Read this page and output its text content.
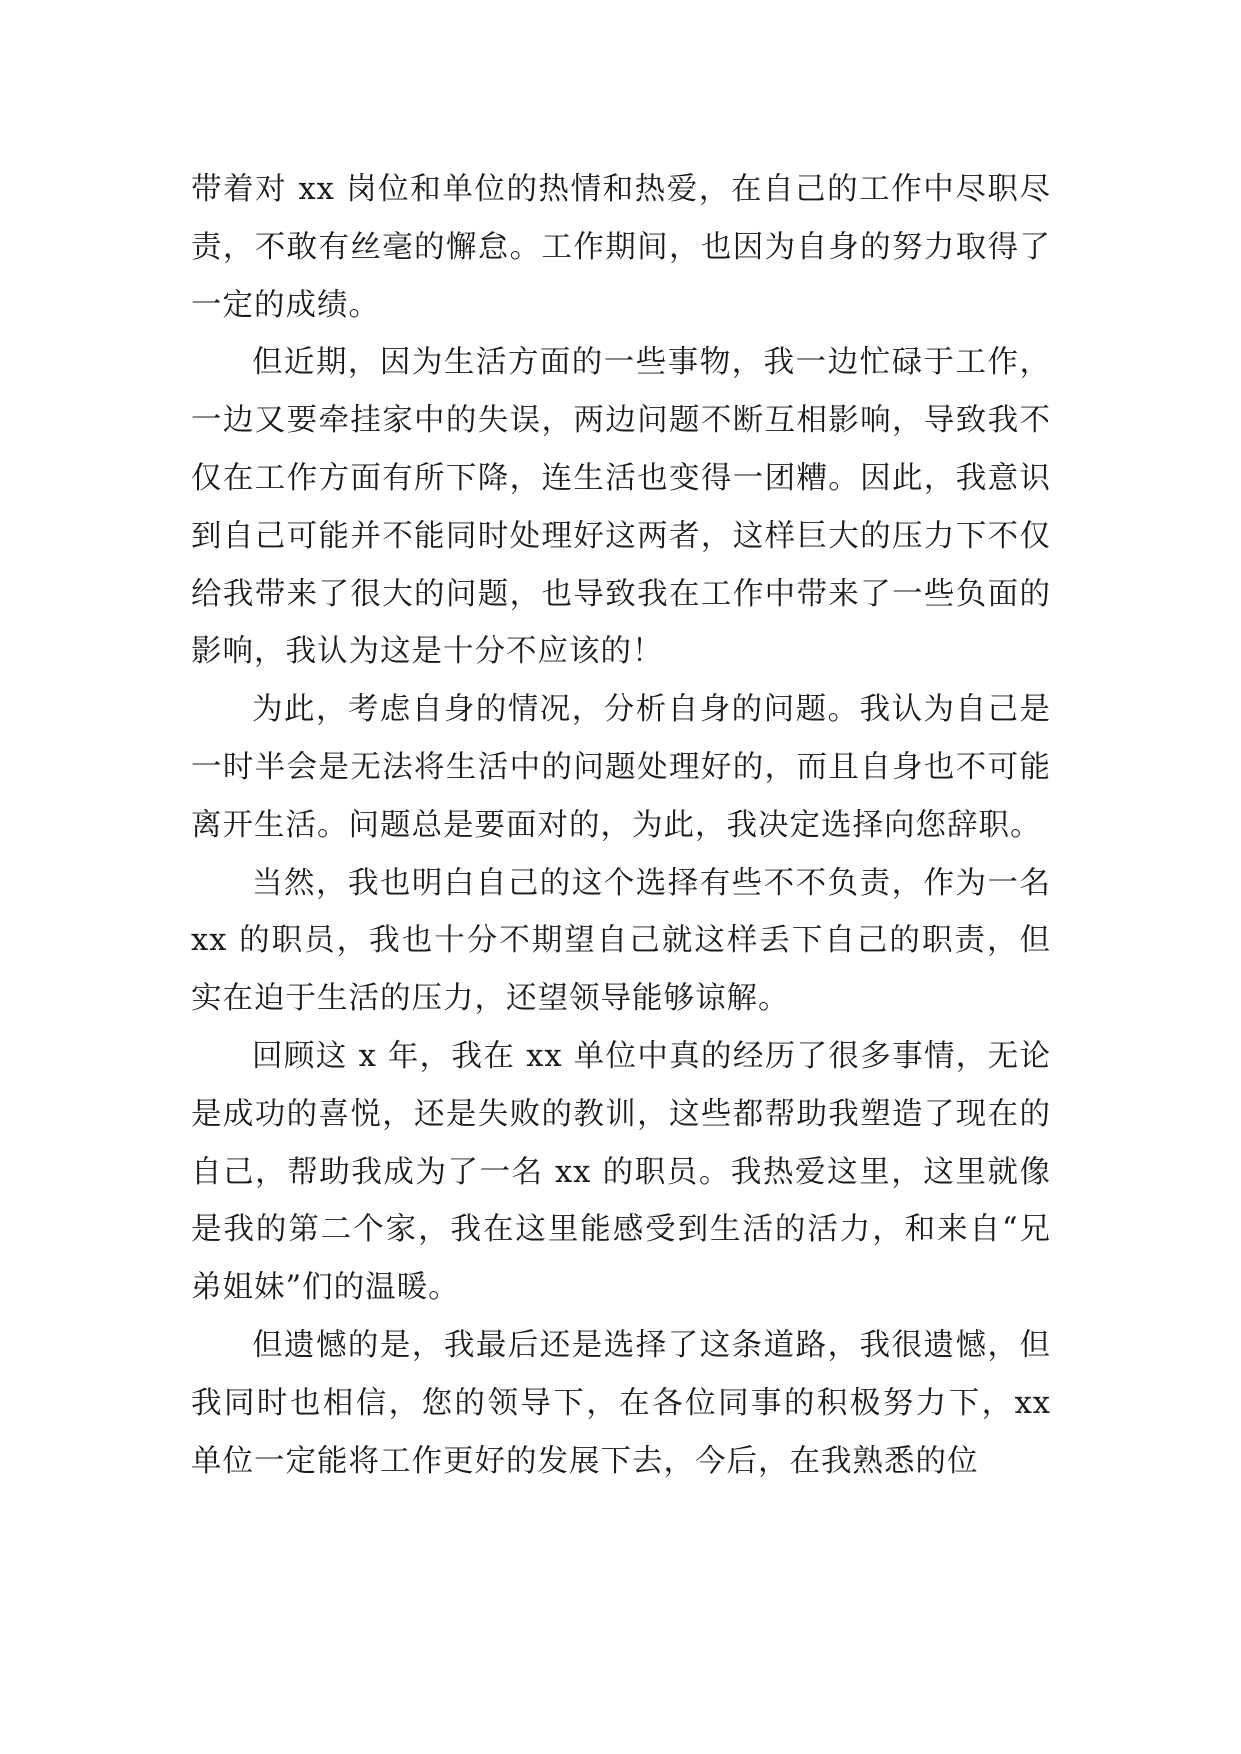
带着对 xx 岗位和单位的热情和热爱，在自己的工作中尽职尽责，不敢有丝毫的懈怠。工作期间，也因为自身的努力取得了一定的成绩。

但近期，因为生活方面的一些事物，我一边忙碌于工作，一边又要牵挂家中的失误，两边问题不断互相影响，导致我不仅在工作方面有所下降，连生活也变得一团糟。因此，我意识到自己可能并不能同时处理好这两者，这样巨大的压力下不仅给我带来了很大的问题，也导致我在工作中带来了一些负面的影响，我认为这是十分不应该的！

为此，考虑自身的情况，分析自身的问题。我认为自己是一时半会是无法将生活中的问题处理好的，而且自身也不可能离开生活。问题总是要面对的，为此，我决定选择向您辞职。

当然，我也明白自己的这个选择有些不不负责，作为一名 xx 的职员，我也十分不期望自己就这样丢下自己的职责，但实在迫于生活的压力，还望领导能够谅解。

回顾这 x 年，我在 xx 单位中真的经历了很多事情，无论是成功的喜悦，还是失败的教训，这些都帮助我塑造了现在的自己，帮助我成为了一名 xx 的职员。我热爱这里，这里就像是我的第二个家，我在这里能感受到生活的活力，和来自“兄弟姐妹”们的温暖。

但遗憾的是，我最后还是选择了这条道路，我很遗憾，但我同时也相信，您的领导下，在各位同事的积极努力下，xx 单位一定能将工作更好的发展下去，今后，在我熟悉的位
